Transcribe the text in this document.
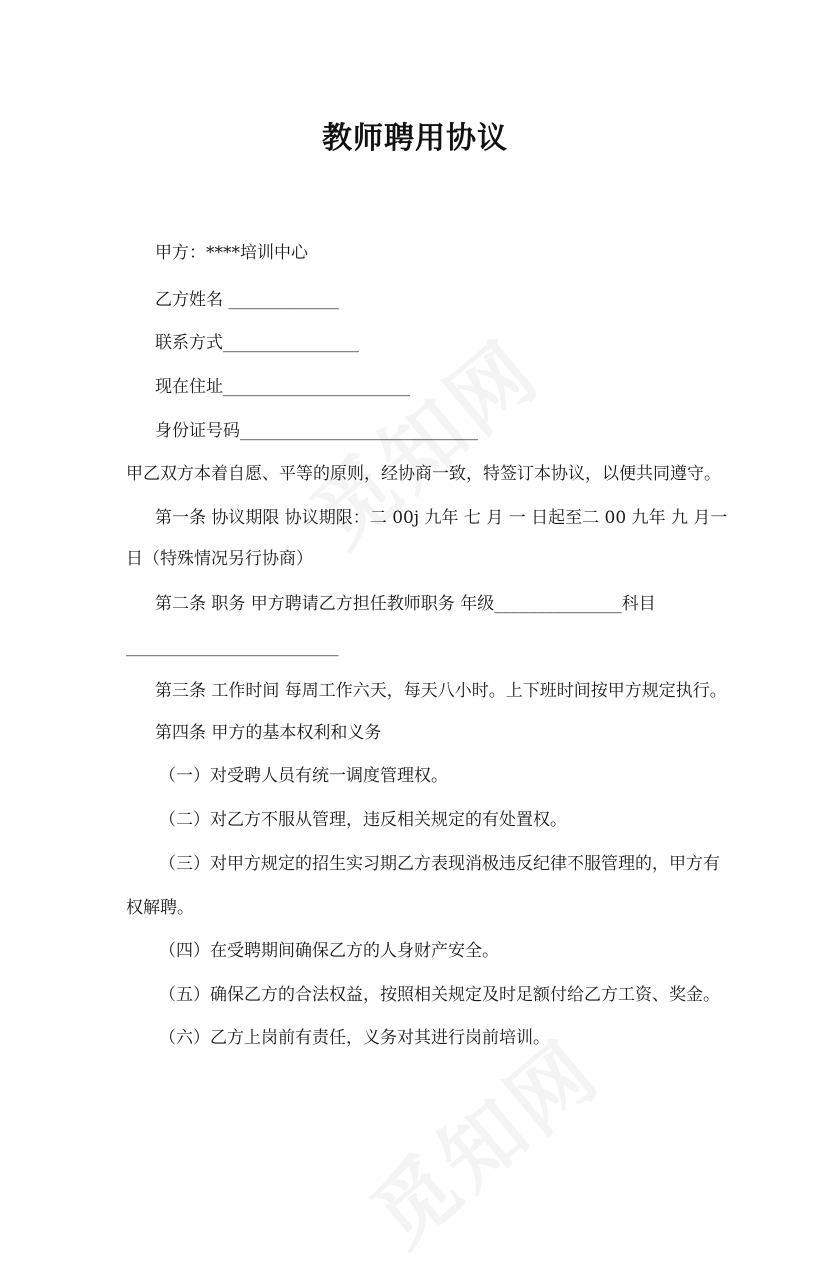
教师聘用协议
甲方：****培训中心
乙方姓名 _____________
联系方式________________
现在住址______________________
身份证号码____________________________
甲乙双方本着自愿、平等的原则，经协商一致，特签订本协议，以便共同遵守。
第一条 协议期限 协议期限：二 00j 九年 七 月 一 日起至二 00 九年 九 月一
日（特殊情况另行协商）
第二条 职务 甲方聘请乙方担任教师职务 年级_______________科目
_________________________
第三条 工作时间 每周工作六天，每天八小时。上下班时间按甲方规定执行。
第四条 甲方的基本权利和义务
（一）对受聘人员有统一调度管理权。
（二）对乙方不服从管理，违反相关规定的有处置权。
（三）对甲方规定的招生实习期乙方表现消极违反纪律不服管理的，甲方有
权解聘。
（四）在受聘期间确保乙方的人身财产安全。
（五）确保乙方的合法权益，按照相关规定及时足额付给乙方工资、奖金。
（六）乙方上岗前有责任，义务对其进行岗前培训。
